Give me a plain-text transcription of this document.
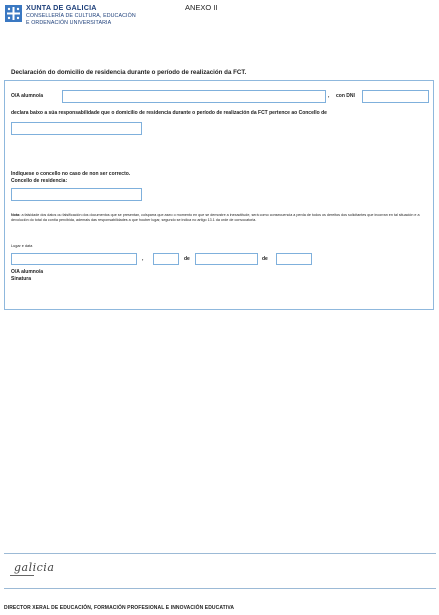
XUNTA DE GALICIA
CONSELLERÍA DE CULTURA, EDUCACIÓN
E ORDENACIÓN UNIVERSITARIA
ANEXO II
Declaración do domicilio de residencia durante o período de realización da FCT.
O/A alumno/a	, con DNI
declara baixo a súa responsabilidade que o domicilio de residencia durante o período de realización da FCT pertence ao Concello de
Indíquese o concello no caso de non ser correcto.
Concello de residencia:
Nota: a falsidade dos datos ou falsificación dos documentos que se presentan, colsparra que aseo o momento en que se demostre a inexactitude, será como consecuencia a perda de todos os dereitos dos solicitantes que incorran en tal situación e a devolución do total da contía percibida, ademais das responsabilidades a que houber lugar, segundo se indica no artigo 13.1 da orde de convocatoria.
Lugar e data
,	de	de
O/A alumno/a
Sinatura
galicia
DIRECTOR XERAL DE EDUCACIÓN, FORMACIÓN PROFESIONAL E INNOVACIÓN EDUCATIVA
